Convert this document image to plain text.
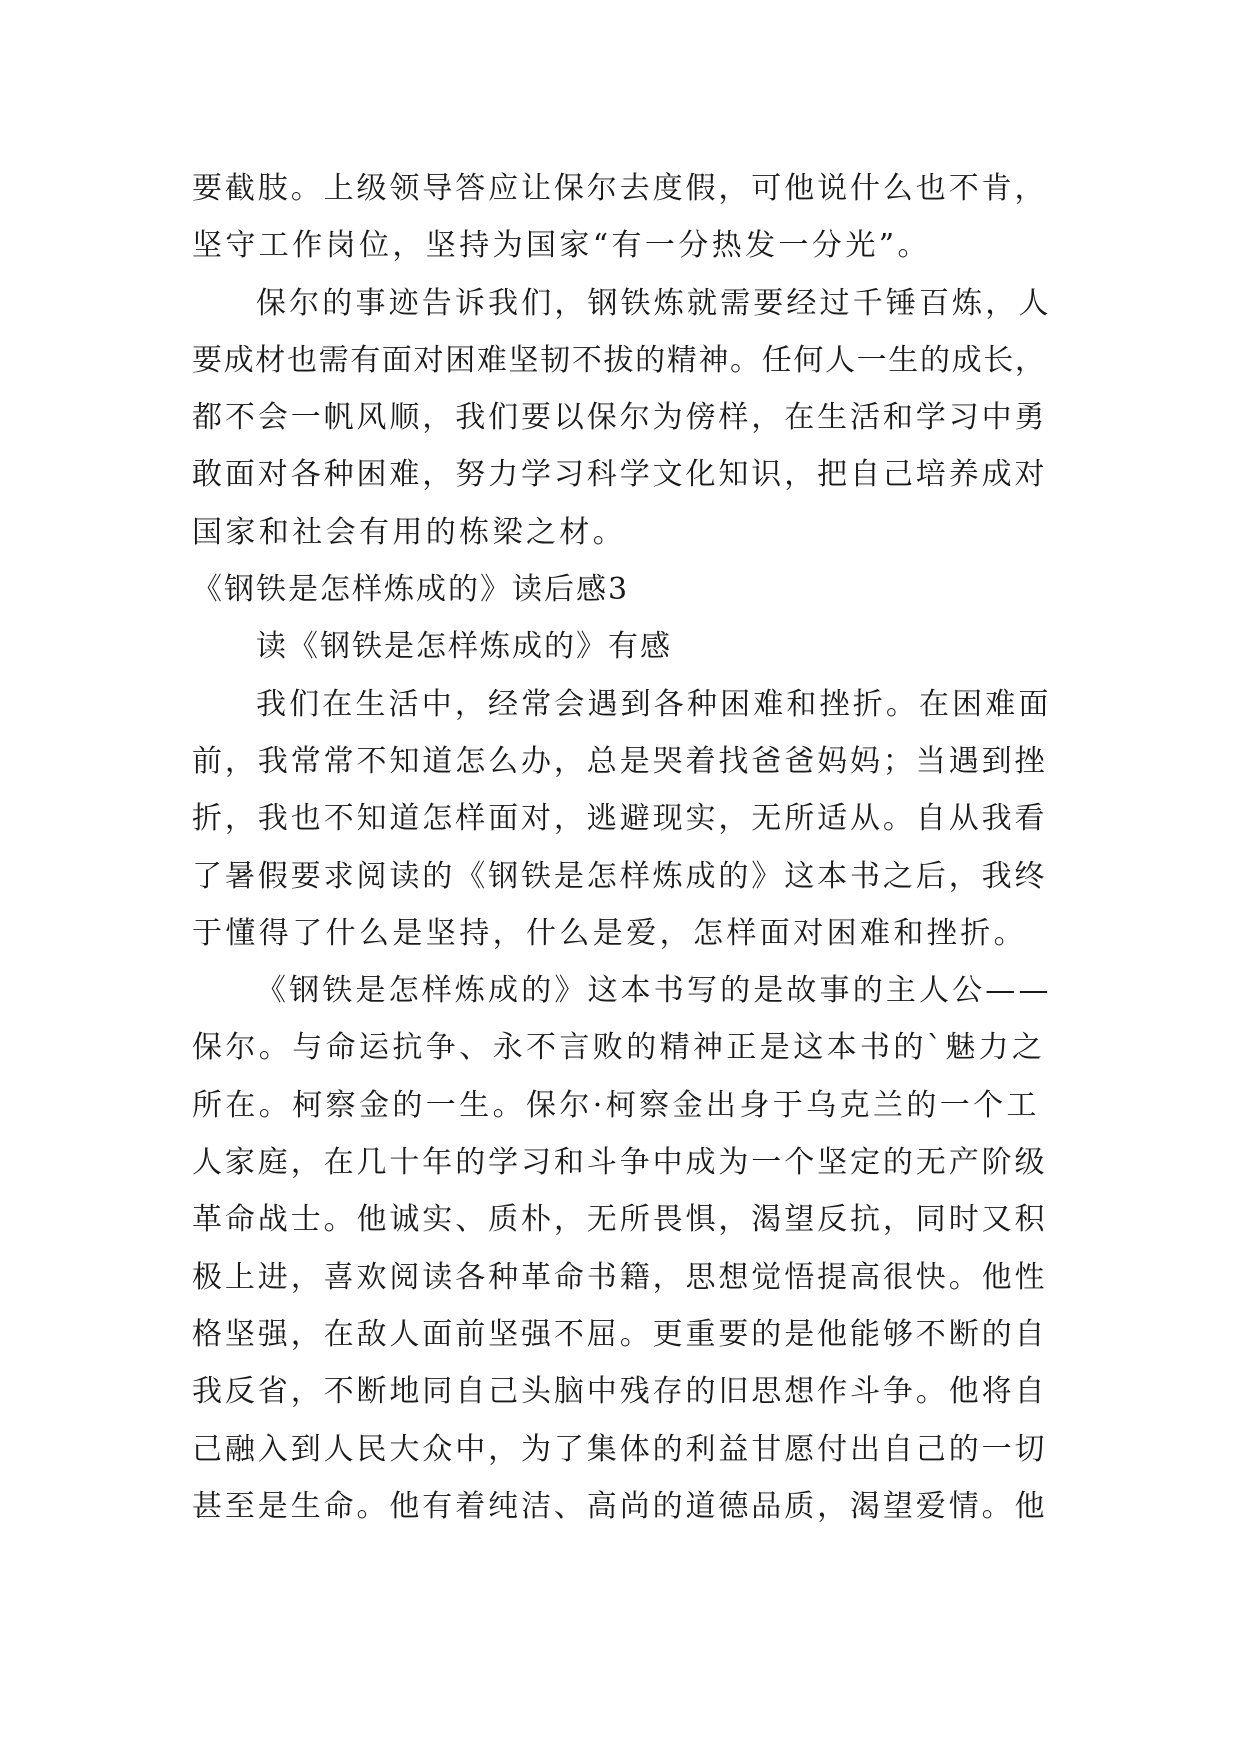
要截肢。上级领导答应让保尔去度假，可他说什么也不肯，
坚守工作岗位，坚持为国家“有一分热发一分光”。
保尔的事迹告诉我们，钢铁炼就需要经过千锤百炼，人
要成材也需有面对困难坚韧不拔的精神。任何人一生的成长，
都不会一帆风顺，我们要以保尔为傍样，在生活和学习中勇
敢面对各种困难，努力学习科学文化知识，把自己培养成对
国家和社会有用的栋梁之材。
《钢铁是怎样炼成的》读后感3
读《钢铁是怎样炼成的》有感
我们在生活中，经常会遇到各种困难和挫折。在困难面
前，我常常不知道怎么办，总是哭着找爸爸妈妈；当遇到挫
折，我也不知道怎样面对，逃避现实，无所适从。自从我看
了暑假要求阅读的《钢铁是怎样炼成的》这本书之后，我终
于懂得了什么是坚持，什么是爱，怎样面对困难和挫折。
《钢铁是怎样炼成的》这本书写的是故事的主人公——
保尔。与命运抗争、永不言败的精神正是这本书的`魅力之
所在。柯察金的一生。保尔·柯察金出身于乌克兰的一个工
人家庭，在几十年的学习和斗争中成为一个坚定的无产阶级
革命战士。他诚实、质朴，无所畏惧，渴望反抗，同时又积
极上进，喜欢阅读各种革命书籍，思想觉悟提高很快。他性
格坚强，在敌人面前坚强不屈。更重要的是他能够不断的自
我反省，不断地同自己头脑中残存的旧思想作斗争。他将自
己融入到人民大众中，为了集体的利益甘愿付出自己的一切
甚至是生命。他有着纯洁、高尚的道德品质，渴望爱情。他
